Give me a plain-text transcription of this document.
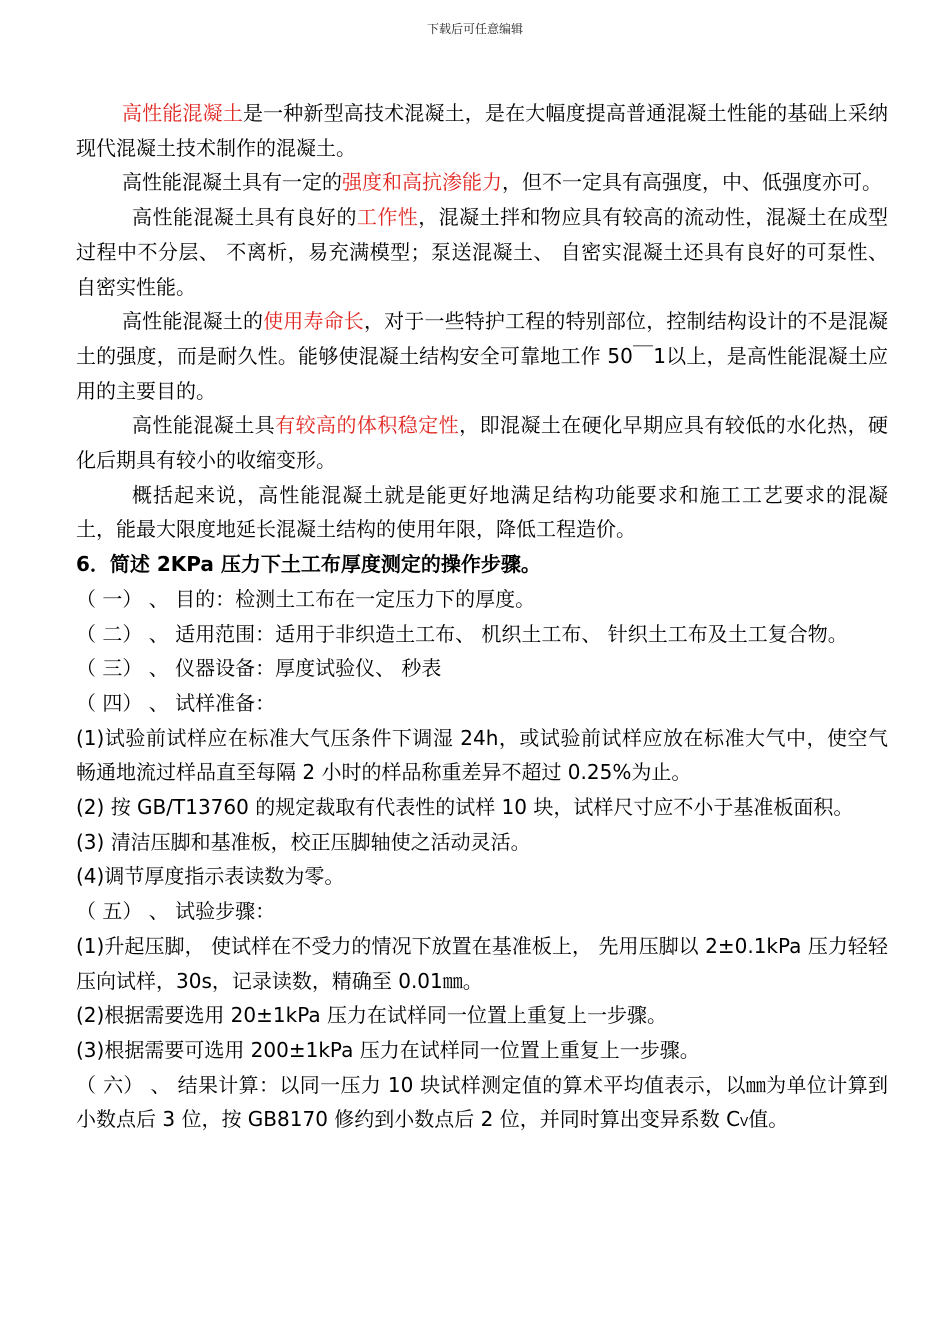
下载后可任意编辑

高性能混凝土是一种新型高技术混凝土，是在大幅度提高普通混凝土性能的基础上采纳现代混凝土技术制作的混凝土。

高性能混凝土具有一定的强度和高抗渗能力，但不一定具有高强度，中、低强度亦可。

高性能混凝土具有良好的工作性，混凝土拌和物应具有较高的流动性，混凝土在成型过程中不分层、 不离析，易充满模型；泵送混凝土、 自密实混凝土还具有良好的可泵性、 自密实性能。

高性能混凝土的使用寿命长，对于一些特护工程的特别部位，控制结构设计的不是混凝土的强度，而是耐久性。能够使混凝土结构安全可靠地工作 50￣1以上，是高性能混凝土应用的主要目的。

高性能混凝土具有较高的体积稳定性，即混凝土在硬化早期应具有较低的水化热，硬化后期具有较小的收缩变形。

概括起来说，高性能混凝土就是能更好地满足结构功能要求和施工工艺要求的混凝土，能最大限度地延长混凝土结构的使用年限，降低工程造价。

6．简述 2KPa 压力下土工布厚度测定的操作步骤。

（ 一） 、 目的：检测土工布在一定压力下的厚度。

（ 二） 、 适用范围：适用于非织造土工布、 机织土工布、 针织土工布及土工复合物。

（ 三） 、 仪器设备：厚度试验仪、 秒表

（ 四） 、 试样准备：

(1)试验前试样应在标准大气压条件下调湿 24h，或试验前试样应放在标准大气中，使空气畅通地流过样品直至每隔 2 小时的样品称重差异不超过 0.25%为止。

(2) 按 GB/T13760 的规定裁取有代表性的试样 10 块，试样尺寸应不小于基准板面积。

(3) 清洁压脚和基准板，校正压脚轴使之活动灵活。

(4)调节厚度指示表读数为零。

（ 五） 、 试验步骤：

(1)升起压脚， 使试样在不受力的情况下放置在基准板上， 先用压脚以 2±0.1kPa 压力轻轻压向试样，30s，记录读数，精确至 0.01㎜。

(2)根据需要选用 20±1kPa 压力在试样同一位置上重复上一步骤。

(3)根据需要可选用 200±1kPa 压力在试样同一位置上重复上一步骤。

（ 六） 、 结果计算：以同一压力 10 块试样测定值的算术平均值表示，以㎜为单位计算到小数点后 3 位，按 GB8170 修约到小数点后 2 位，并同时算出变异系数 CV值。
